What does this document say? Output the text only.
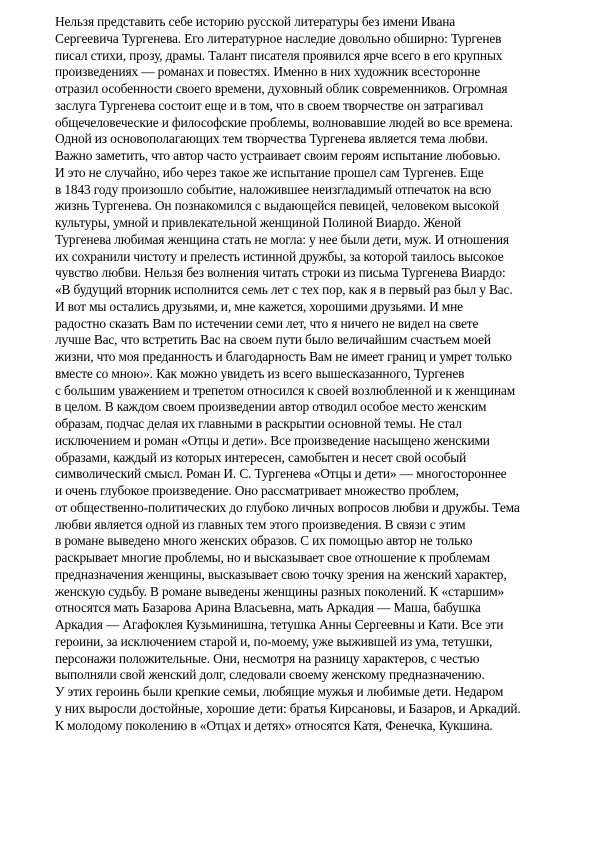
Нельзя представить себе историю русской литературы без имени Ивана
Сергеевича Тургенева. Его литературное наследие довольно обширно: Тургенев
писал стихи, прозу, драмы. Талант писателя проявился ярче всего в его крупных
произведениях — романах и повестях. Именно в них художник всесторонне
отразил особенности своего времени, духовный облик современников. Огромная
заслуга Тургенева состоит еще и в том, что в своем творчестве он затрагивал
общечеловеческие и философские проблемы, волновавшие людей во все времена.
Одной из основополагающих тем творчества Тургенева является тема любви.
Важно заметить, что автор часто устраивает своим героям испытание любовью.
И это не случайно, ибо через такое же испытание прошел сам Тургенев. Еще
в 1843 году произошло событие, наложившее неизгладимый отпечаток на всю
жизнь Тургенева. Он познакомился с выдающейся певицей, человеком высокой
культуры, умной и привлекательной женщиной Полиной Виардо. Женой
Тургенева любимая женщина стать не могла: у нее были дети, муж. И отношения
их сохранили чистоту и прелесть истинной дружбы, за которой таилось высокое
чувство любви. Нельзя без волнения читать строки из письма Тургенева Виардо:
«В будущий вторник исполнится семь лет с тех пор, как я в первый раз был у Вас.
И вот мы остались друзьями, и, мне кажется, хорошими друзьями. И мне
радостно сказать Вам по истечении семи лет, что я ничего не видел на свете
лучше Вас, что встретить Вас на своем пути было величайшим счастьем моей
жизни, что моя преданность и благодарность Вам не имеет границ и умрет только
вместе со мною». Как можно увидеть из всего вышесказанного, Тургенев
с большим уважением и трепетом относился к своей возлюбленной и к женщинам
в целом. В каждом своем произведении автор отводил особое место женским
образам, подчас делая их главными в раскрытии основной темы. Не стал
исключением и роман «Отцы и дети». Все произведение насыщено женскими
образами, каждый из которых интересен, самобытен и несет свой особый
символический смысл. Роман И. С. Тургенева «Отцы и дети» — многостороннее
и очень глубокое произведение. Оно рассматривает множество проблем,
от общественно-политических до глубоко личных вопросов любви и дружбы. Тема
любви является одной из главных тем этого произведения. В связи с этим
в романе выведено много женских образов. С их помощью автор не только
раскрывает многие проблемы, но и высказывает свое отношение к проблемам
предназначения женщины, высказывает свою точку зрения на женский характер,
женскую судьбу. В романе выведены женщины разных поколений. К «старшим»
относятся мать Базарова Арина Власьевна, мать Аркадия — Маша, бабушка
Аркадия — Агафоклея Кузьминишна, тетушка Анны Сергеевны и Кати. Все эти
героини, за исключением старой и, по-моему, уже выжившей из ума, тетушки,
персонажи положительные. Они, несмотря на разницу характеров, с честью
выполняли свой женский долг, следовали своему женскому предназначению.
У этих героинь были крепкие семьи, любящие мужья и любимые дети. Недаром
у них выросли достойные, хорошие дети: братья Кирсановы, и Базаров, и Аркадий.
К молодому поколению в «Отцах и детях» относятся Катя, Фенечка, Кукшина.
